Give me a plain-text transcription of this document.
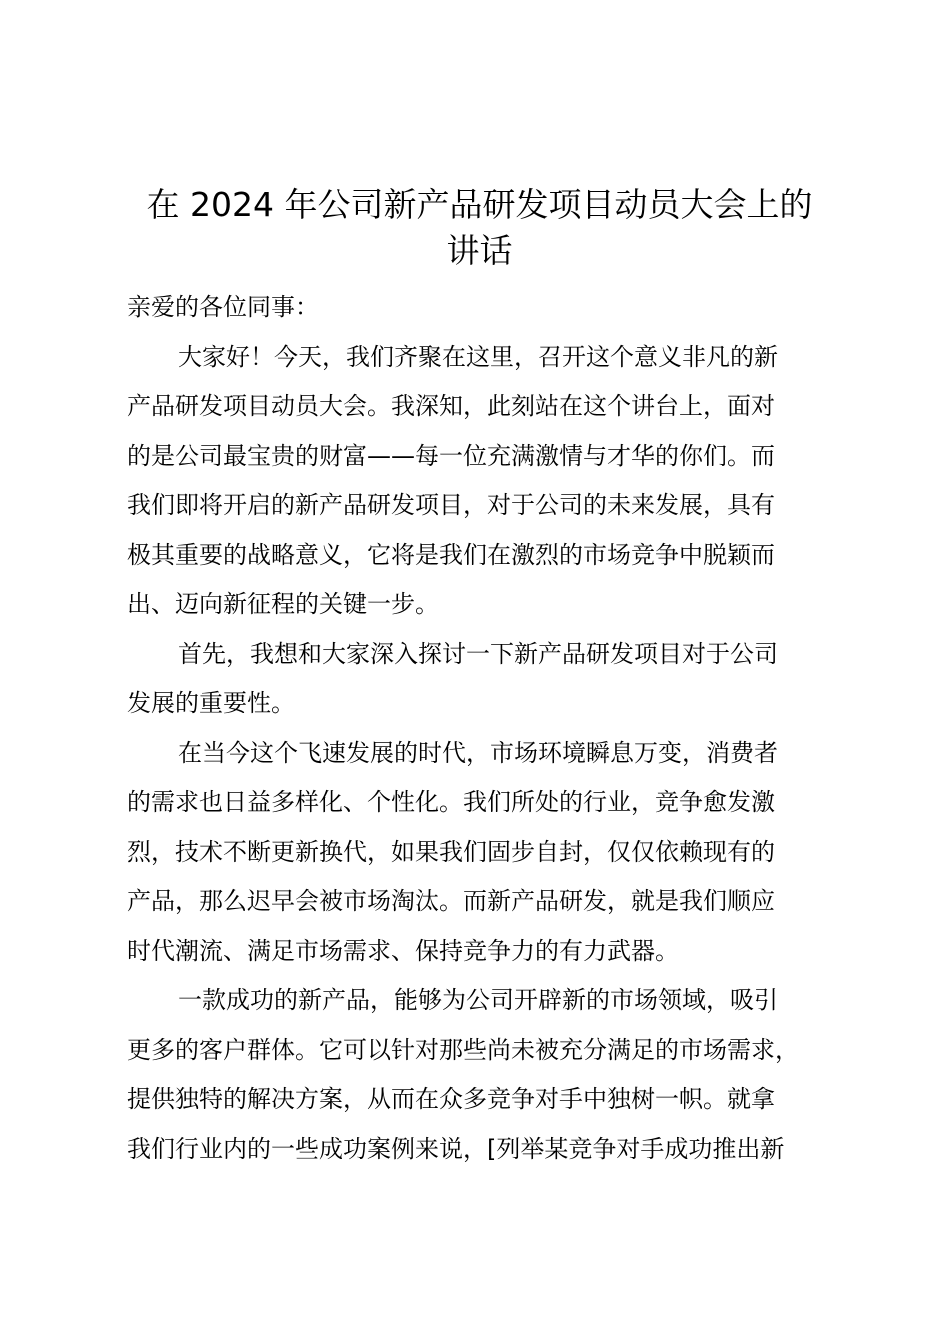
在 2024 年公司新产品研发项目动员大会上的
讲话

亲爱的各位同事：

大家好！今天，我们齐聚在这里，召开这个意义非凡的新
产品研发项目动员大会。我深知，此刻站在这个讲台上，面对
的是公司最宝贵的财富——每一位充满激情与才华的你们。而
我们即将开启的新产品研发项目，对于公司的未来发展，具有
极其重要的战略意义，它将是我们在激烈的市场竞争中脱颖而
出、迈向新征程的关键一步。

首先，我想和大家深入探讨一下新产品研发项目对于公司
发展的重要性。

在当今这个飞速发展的时代，市场环境瞬息万变，消费者
的需求也日益多样化、个性化。我们所处的行业，竞争愈发激
烈，技术不断更新换代，如果我们固步自封，仅仅依赖现有的
产品，那么迟早会被市场淘汰。而新产品研发，就是我们顺应
时代潮流、满足市场需求、保持竞争力的有力武器。

一款成功的新产品，能够为公司开辟新的市场领域，吸引
更多的客户群体。它可以针对那些尚未被充分满足的市场需求，
提供独特的解决方案，从而在众多竞争对手中独树一帜。就拿
我们行业内的一些成功案例来说，[列举某竞争对手成功推出新
